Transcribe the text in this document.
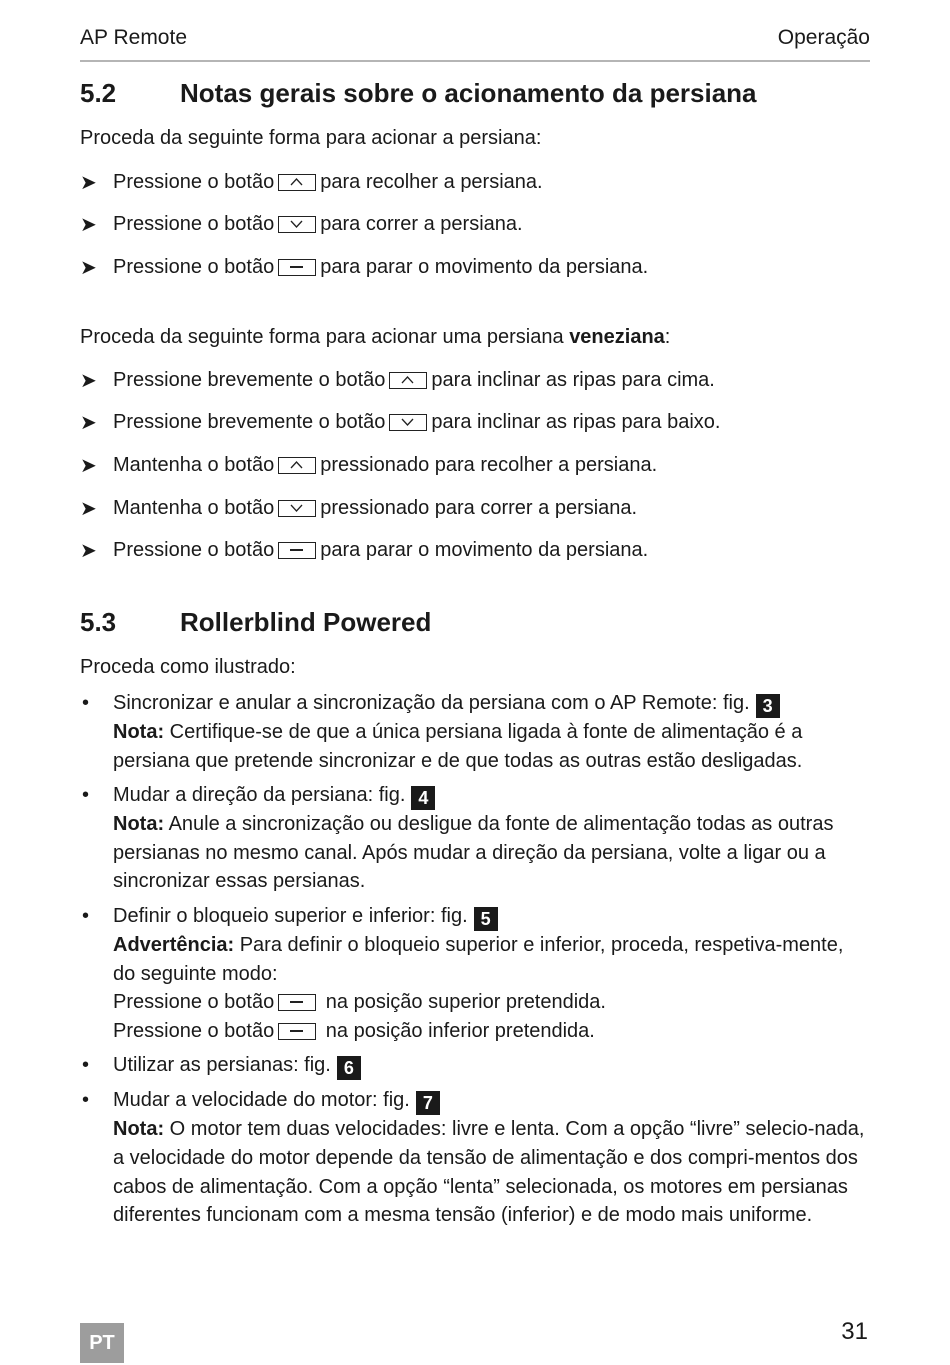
AP Remote	Operação
5.2 Notas gerais sobre o acionamento da persiana
Proceda da seguinte forma para acionar a persiana:
➤ Pressione o botão para recolher a persiana.
➤ Pressione o botão para correr a persiana.
➤ Pressione o botão para parar o movimento da persiana.
Proceda da seguinte forma para acionar uma persiana veneziana:
➤ Pressione brevemente o botão para inclinar as ripas para cima.
➤ Pressione brevemente o botão para inclinar as ripas para baixo.
➤ Mantenha o botão pressionado para recolher a persiana.
➤ Mantenha o botão pressionado para correr a persiana.
➤ Pressione o botão para parar o movimento da persiana.
5.3 Rollerblind Powered
Proceda como ilustrado:
• Sincronizar e anular a sincronização da persiana com o AP Remote: fig. 3
Nota: Certifique-se de que a única persiana ligada à fonte de alimentação é a persiana que pretende sincronizar e de que todas as outras estão desligadas.
• Mudar a direção da persiana: fig. 4
Nota: Anule a sincronização ou desligue da fonte de alimentação todas as outras persianas no mesmo canal. Após mudar a direção da persiana, volte a ligar ou a sincronizar essas persianas.
• Definir o bloqueio superior e inferior: fig. 5
Advertência: Para definir o bloqueio superior e inferior, proceda, respetiva-mente, do seguinte modo:
Pressione o botão	na posição superior pretendida.
Pressione o botão	na posição inferior pretendida.
• Utilizar as persianas: fig. 6
• Mudar a velocidade do motor: fig. 7
Nota: O motor tem duas velocidades: livre e lenta. Com a opção “livre” selecio-nada, a velocidade do motor depende da tensão de alimentação e dos compri-mentos dos cabos de alimentação. Com a opção “lenta” selecionada, os motores em persianas diferentes funcionam com a mesma tensão (inferior) e de modo mais uniforme.
PT	31
